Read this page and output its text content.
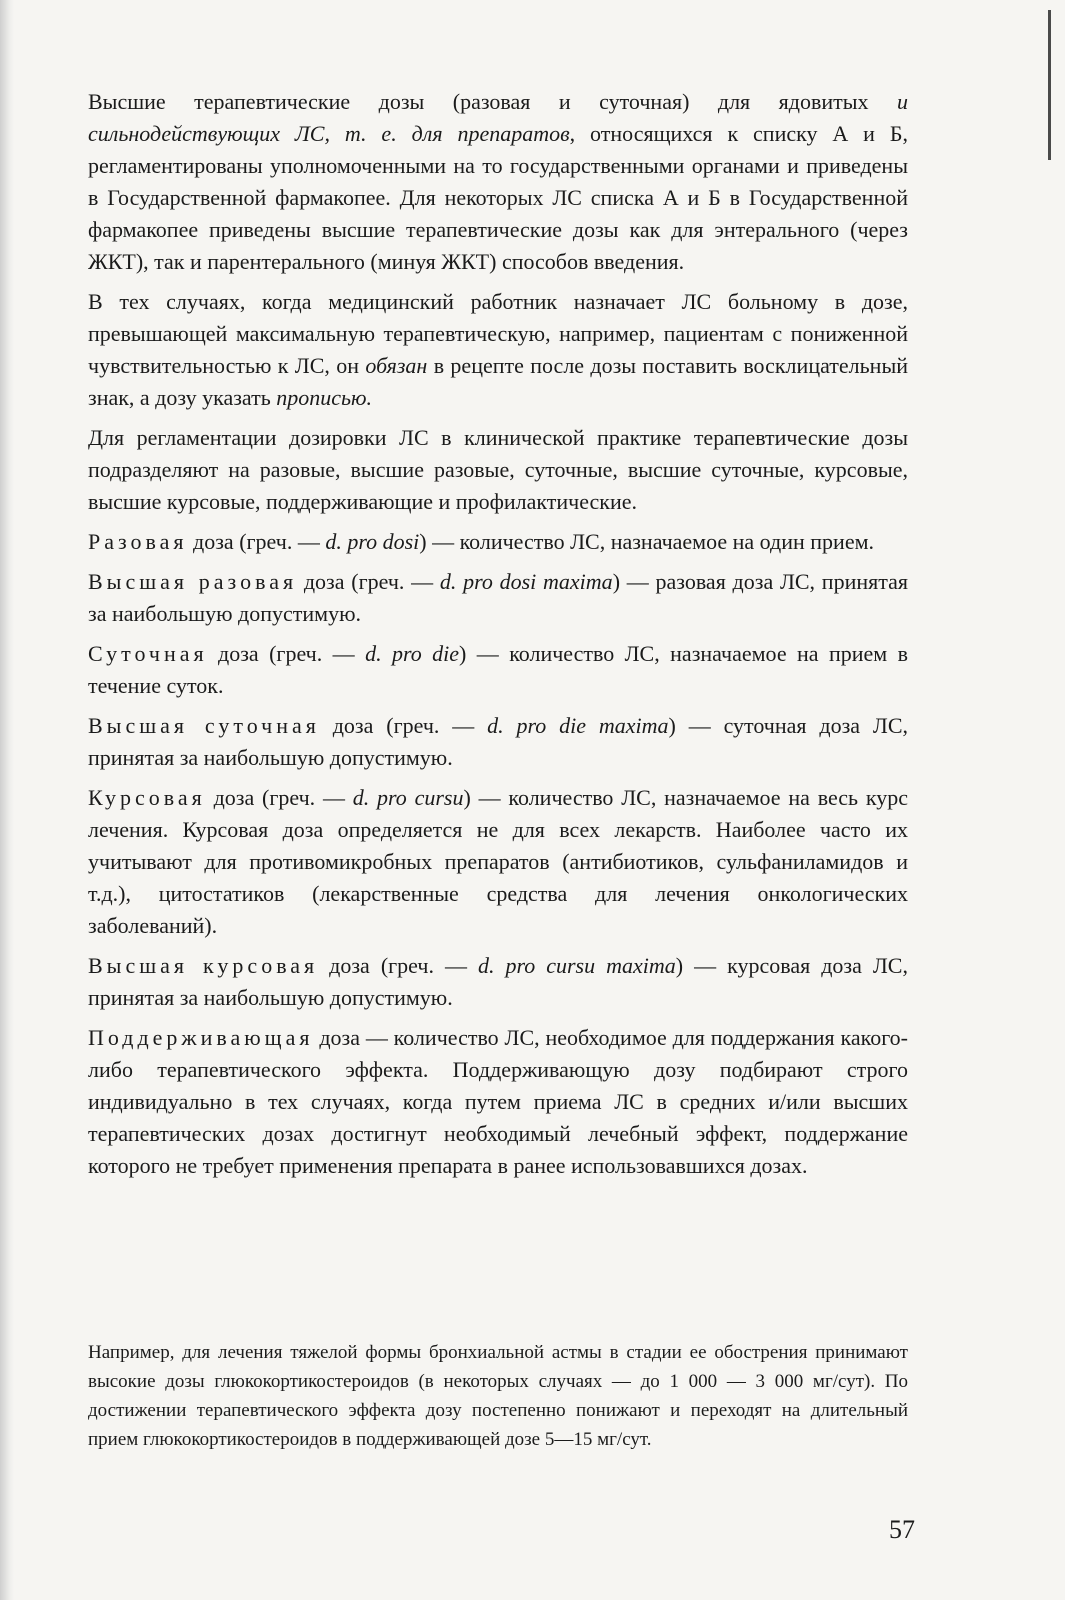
Высшие терапевтические дозы (разовая и суточная) для ядовитых и сильнодействующих ЛС, т. е. для препаратов, относящихся к списку А и Б, регламентированы уполномоченными на то государственными органами и приведены в Государственной фармакопее. Для некоторых ЛС списка А и Б в Государственной фармакопее приведены высшие терапевтические дозы как для энтерального (через ЖКТ), так и парентерального (минуя ЖКТ) способов введения.

В тех случаях, когда медицинский работник назначает ЛС больному в дозе, превышающей максимальную терапевтическую, например, пациентам с пониженной чувствительностью к ЛС, он обязан в рецепте после дозы поставить восклицательный знак, а дозу указать прописью.

Для регламентации дозировки ЛС в клинической практике терапевтические дозы подразделяют на разовые, высшие разовые, суточные, высшие суточные, курсовые, высшие курсовые, поддерживающие и профилактические.

Разовая доза (греч. — d. pro dosi) — количество ЛС, назначаемое на один прием.

Высшая разовая доза (греч. — d. pro dosi maxima) — разовая доза ЛС, принятая за наибольшую допустимую.

Суточная доза (греч. — d. pro die) — количество ЛС, назначаемое на прием в течение суток.

Высшая суточная доза (греч. — d. pro die maxima) — суточная доза ЛС, принятая за наибольшую допустимую.

Курсовая доза (греч. — d. pro cursu) — количество ЛС, назначаемое на весь курс лечения. Курсовая доза определяется не для всех лекарств. Наиболее часто их учитывают для противомикробных препаратов (антибиотиков, сульфаниламидов и т.д.), цитостатиков (лекарственные средства для лечения онкологических заболеваний).

Высшая курсовая доза (греч. — d. pro cursu maxima) — курсовая доза ЛС, принятая за наибольшую допустимую.

Поддерживающая доза — количество ЛС, необходимое для поддержания какого-либо терапевтического эффекта. Поддерживающую дозу подбирают строго индивидуально в тех случаях, когда путем приема ЛС в средних и/или высших терапевтических дозах достигнут необходимый лечебный эффект, поддержание которого не требует применения препарата в ранее использовавшихся дозах.

Например, для лечения тяжелой формы бронхиальной астмы в стадии ее обострения принимают высокие дозы глюкокортикостероидов (в некоторых случаях — до 1 000 — 3 000 мг/сут). По достижении терапевтического эффекта дозу постепенно понижают и переходят на длительный прием глюкокортикостероидов в поддерживающей дозе 5—15 мг/сут.

57
